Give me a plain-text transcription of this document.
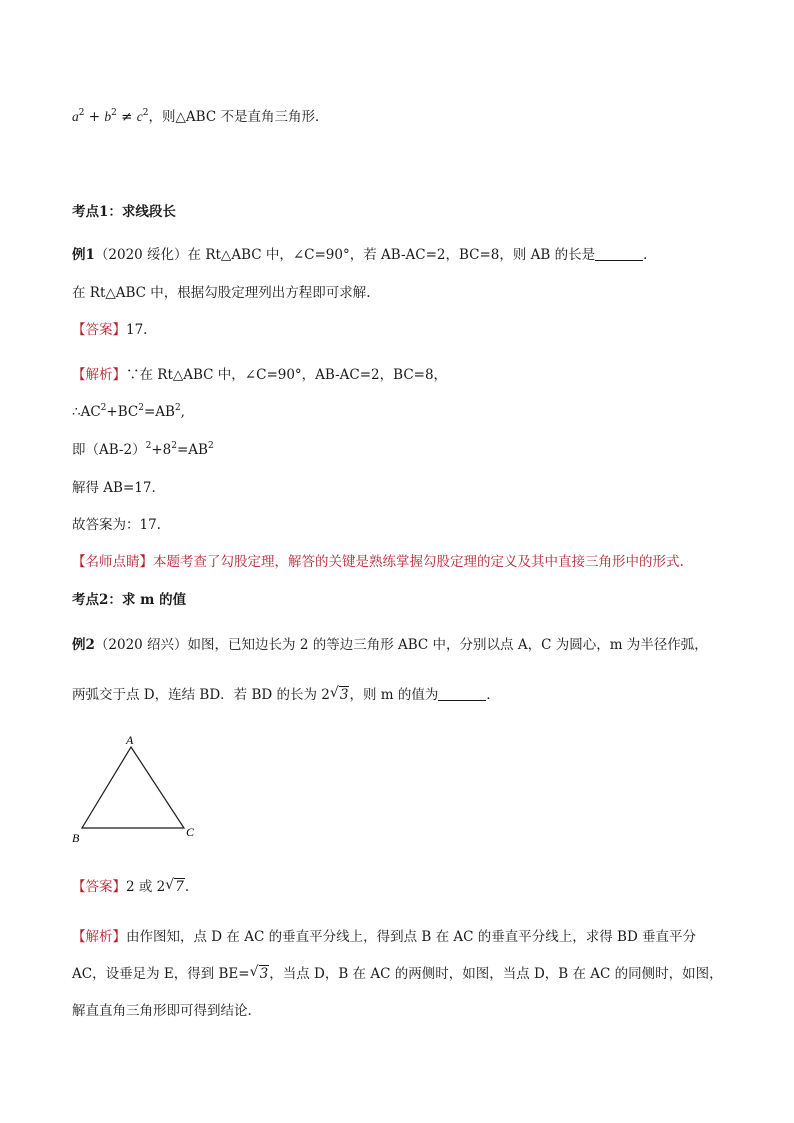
$a^2 + b^2 \ne c^2$，则△ABC 不是直角三角形．
考点1：求线段长
例1（2020 绥化）在 Rt△ABC 中，∠C=90°，若 AB-AC=2，BC=8，则 AB 的长是	．
在 Rt△ABC 中，根据勾股定理列出方程即可求解.
【答案】17.
【解析】∵在 Rt△ABC 中，∠C=90°，AB-AC=2，BC=8，
$\therefore AC^2+BC^2=AB^2$,
即$(AB-2)^2+8^2=AB^2$
解得 AB=17.
故答案为：17.
【名师点睛】本题考查了勾股定理，解答的关键是熟练掌握勾股定理的定义及其中直接三角形中的形式.
考点2：求 m 的值
例2（2020 绍兴）如图，已知边长为 2 的等边三角形 ABC 中，分别以点 A，C 为圆心，m 为半径作弧，
两弧交于点 D，连结 BD．若 BD 的长为 2 √ 3，则 m 的值为	．
A
B	C
【答案】2 或 2 √ 7.
【解析】由作图知，点 D 在 AC 的垂直平分线上，得到点 B 在 AC 的垂直平分线上，求得 BD 垂直平分
AC，设垂足为 E，得到 BE= √ 3，当点 D，B 在 AC 的两侧时，如图，当点 D，B 在 AC 的同侧时，如图，
解直直角三角形即可得到结论.
